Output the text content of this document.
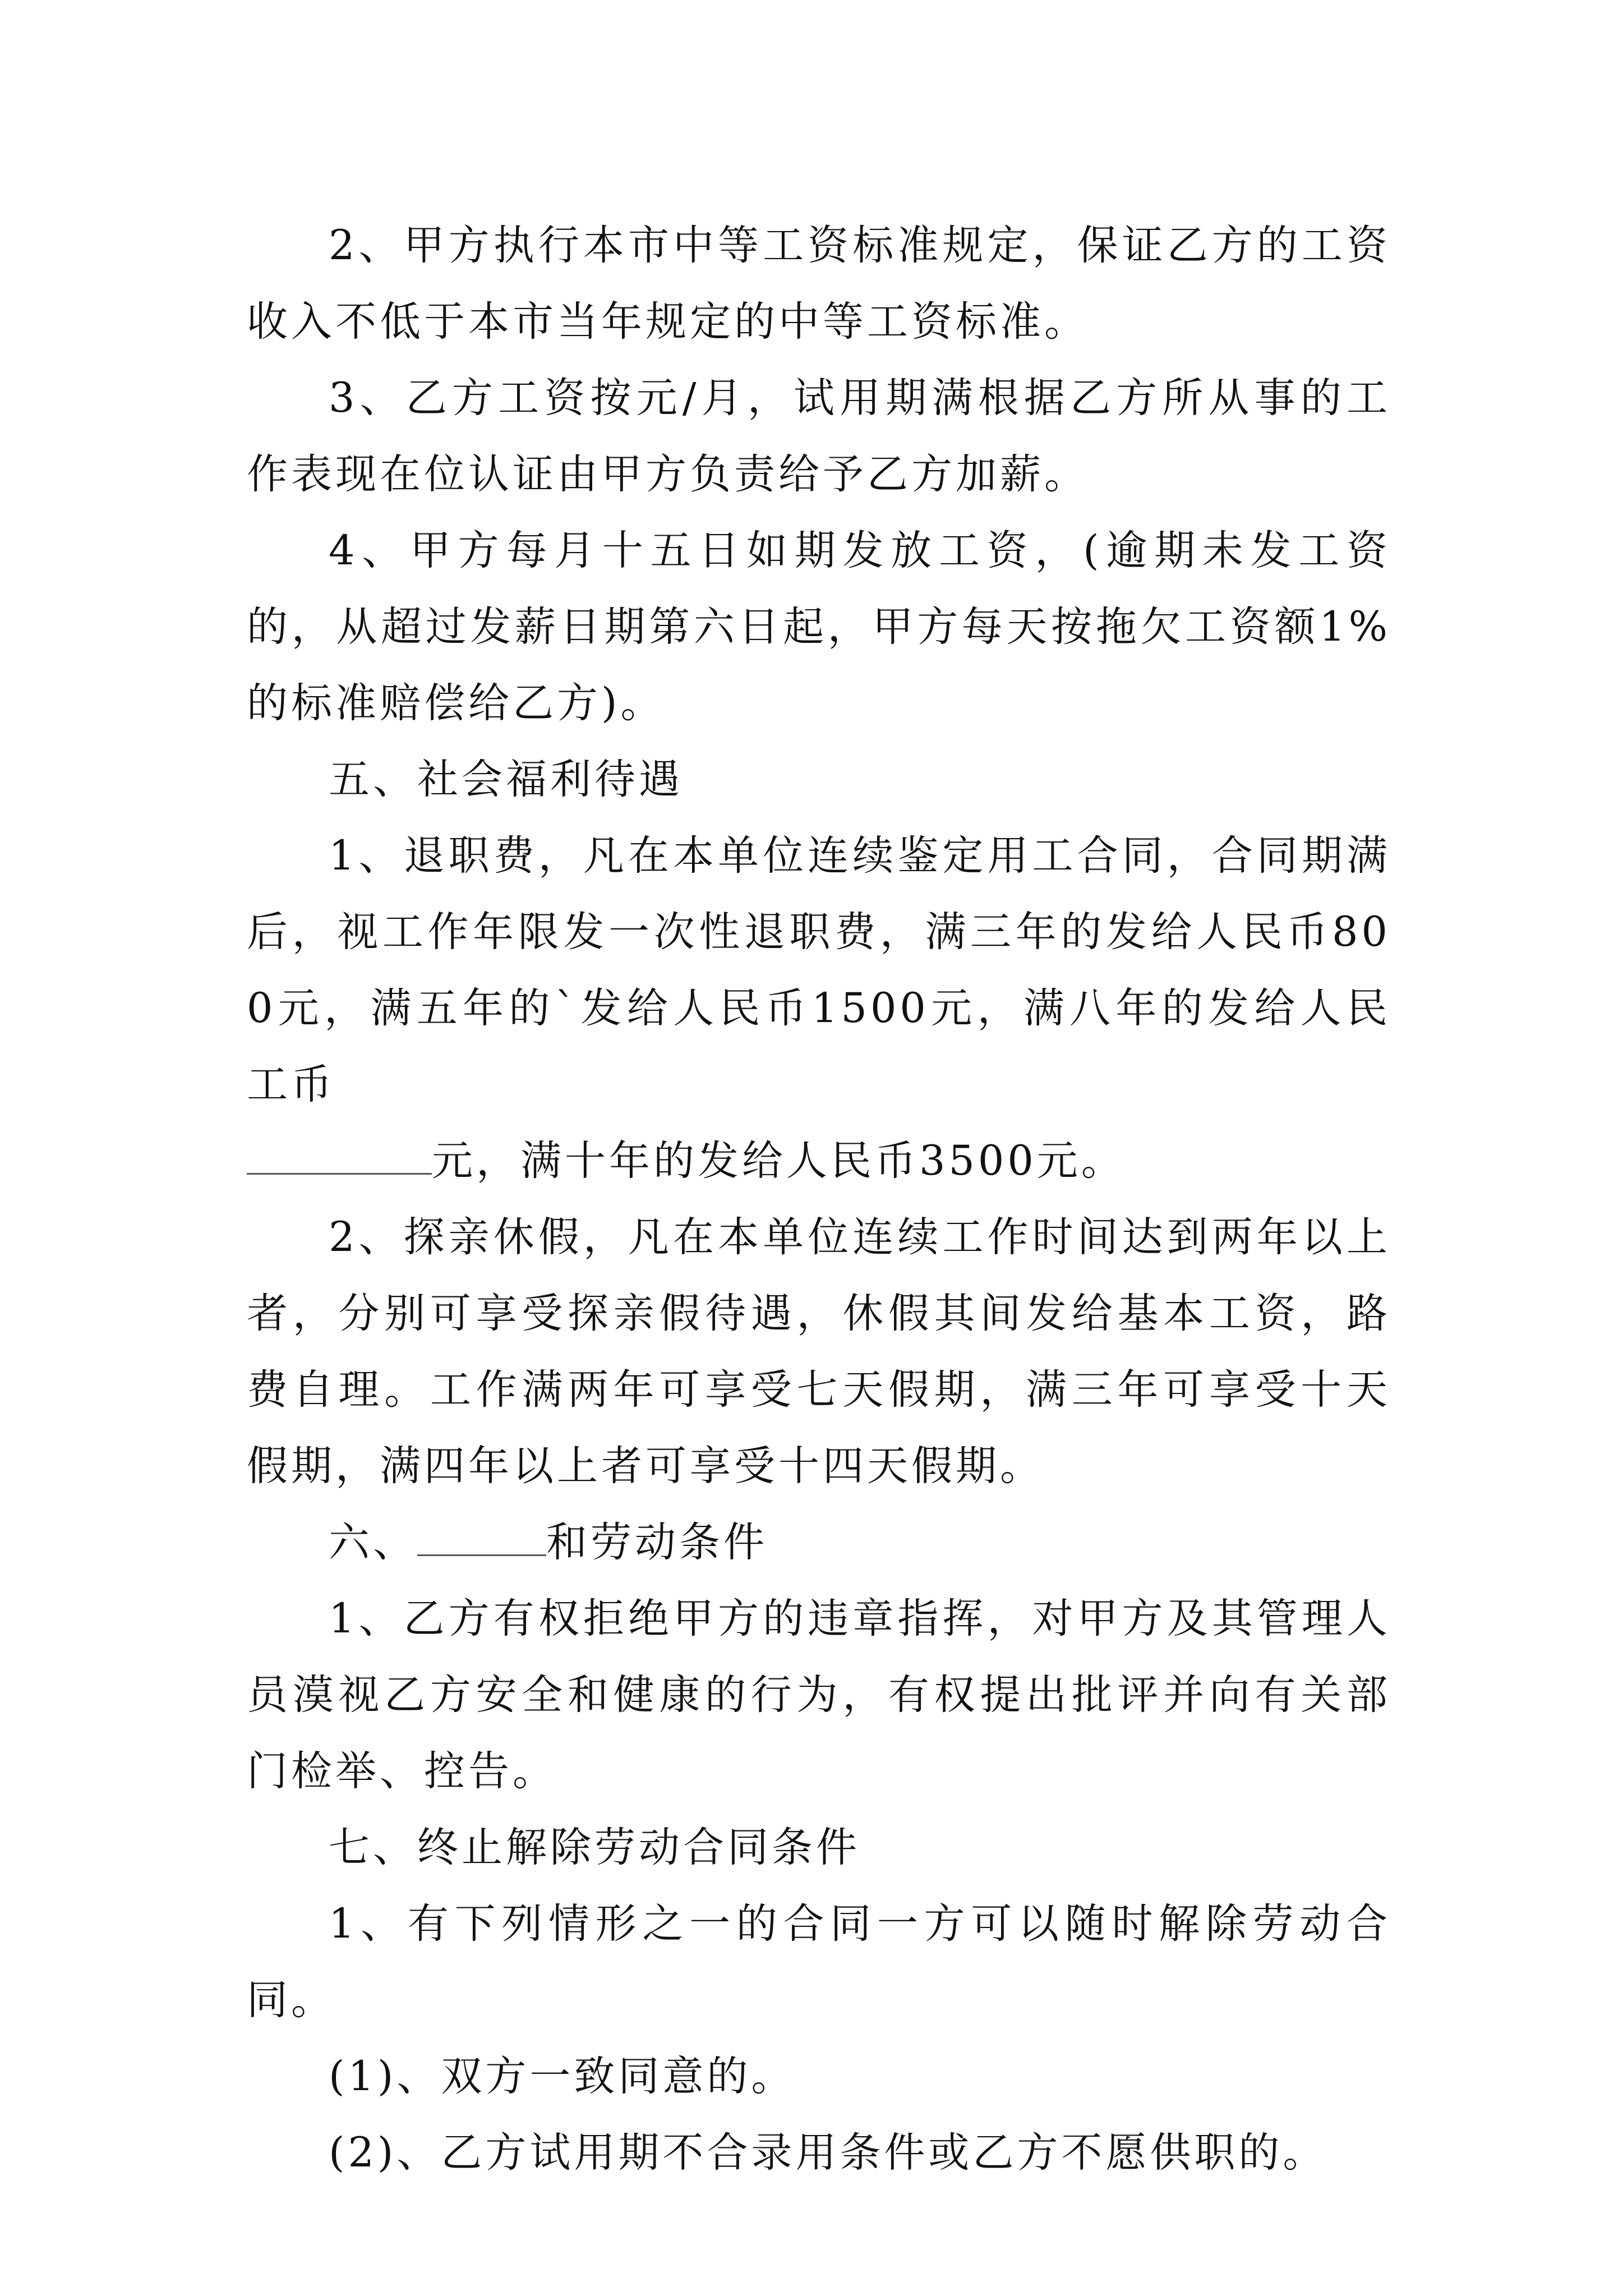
2、甲方执行本市中等工资标准规定，保证乙方的工资收入不低于本市当年规定的中等工资标准。

3、乙方工资按元/月，试用期满根据乙方所从事的工作表现在位认证由甲方负责给予乙方加薪。

4、甲方每月十五日如期发放工资，(逾期未发工资的，从超过发薪日期第六日起，甲方每天按拖欠工资额1%的标准赔偿给乙方)。

五、社会福利待遇

1、退职费，凡在本单位连续鉴定用工合同，合同期满后，视工作年限发一次性退职费，满三年的发给人民币800元，满五年的`发给人民币1500元，满八年的发给人民工币
元，满十年的发给人民币3500元。

2、探亲休假，凡在本单位连续工作时间达到两年以上者，分别可享受探亲假待遇，休假其间发给基本工资，路费自理。工作满两年可享受七天假期，满三年可享受十天假期，满四年以上者可享受十四天假期。

六、	和劳动条件

1、乙方有权拒绝甲方的违章指挥，对甲方及其管理人员漠视乙方安全和健康的行为，有权提出批评并向有关部门检举、控告。

七、终止解除劳动合同条件

1、有下列情形之一的合同一方可以随时解除劳动合同。

(1)、双方一致同意的。

(2)、乙方试用期不合录用条件或乙方不愿供职的。
